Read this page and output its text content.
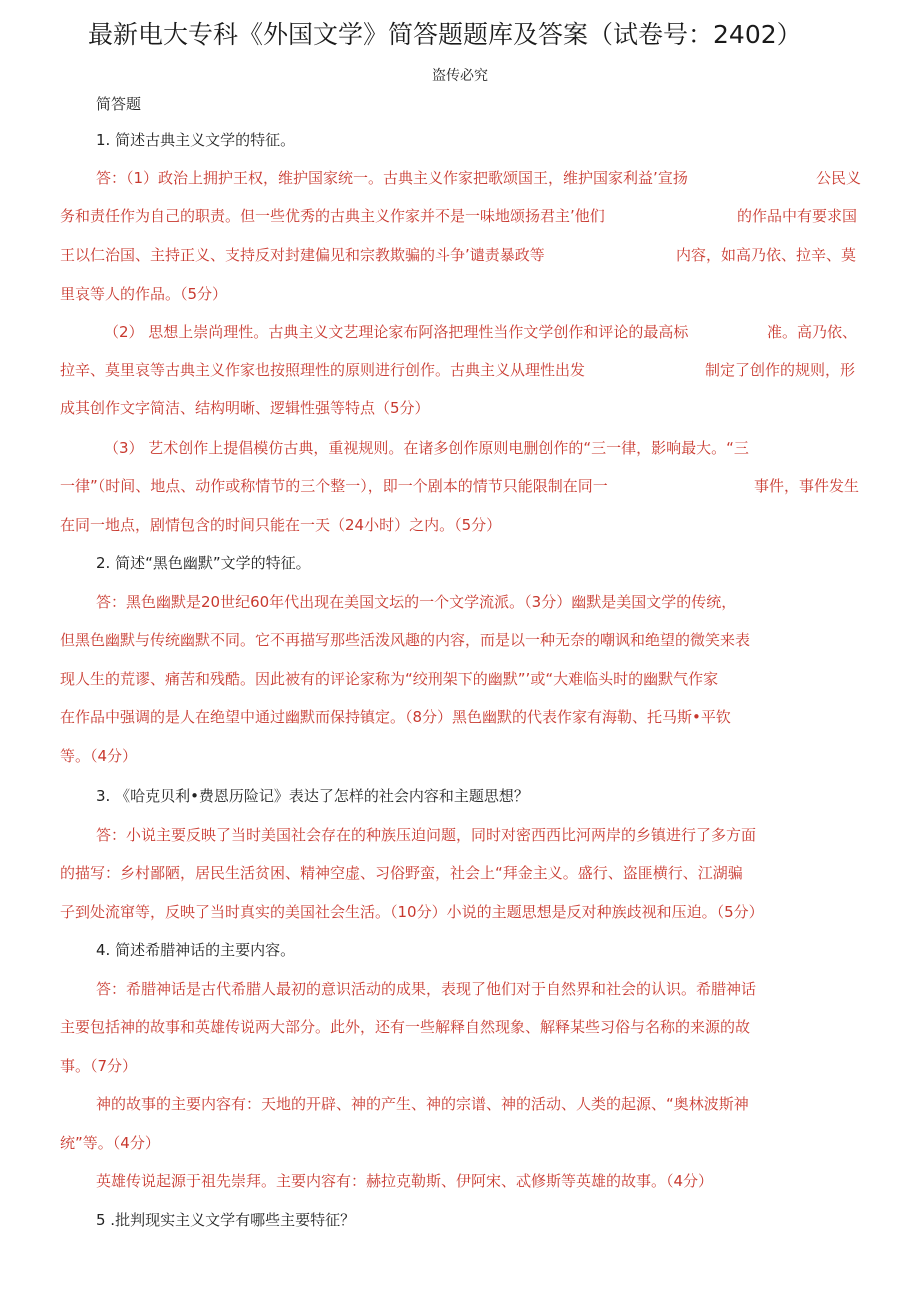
最新电大专科《外国文学》简答题题库及答案（试卷号：2402）
盗传必究
简答题
1. 简述古典主义文学的特征。
答：（1）政治上拥护王权，维护国家统一。古典主义作家把歌颂国王，维护国家利益’宣扬	公民义
务和责任作为自己的职责。但一些优秀的古典主义作家并不是一味地颂扬君主’他们	的作品中有要求国
王以仁治国、主持正义、支持反对封建偏见和宗教欺骗的斗争’谴责暴政等	内容，如高乃依、拉辛、莫
里哀等人的作品。（5分）
（2） 思想上崇尚理性。古典主义文艺理论家布阿洛把理性当作文学创作和评论的最高标	准。高乃依、
拉辛、莫里哀等古典主义作家也按照理性的原则进行创作。古典主义从理性出发	制定了创作的规则，形
成其创作文字简洁、结构明晰、逻辑性强等特点（5分）
（3） 艺术创作上提倡模仿古典，重视规则。在诸多创作原则电删创作的“三一律，影响最大。“三
一律”（时间、地点、动作或称情节的三个整一），即一个剧本的情节只能限制在同一	事件，事件发生
在同一地点，剧情包含的时间只能在一天（24小时）之内。（5分）
2. 简述“黑色幽默”文学的特征。
答：黑色幽默是20世纪60年代出现在美国文坛的一个文学流派。（3分）幽默是美国文学的传统，
但黑色幽默与传统幽默不同。它不再描写那些活泼风趣的内容，而是以一种无奈的嘲讽和绝望的微笑来表
现人生的荒谬、痛苦和残酷。因此被有的评论家称为“绞刑架下的幽默”’或“大难临头时的幽默气作家
在作品中强调的是人在绝望中通过幽默而保持镇定。（8分）黑色幽默的代表作家有海勒、托马斯•平钦
等。（4分）
3. 《哈克贝利•费恩历险记》表达了怎样的社会内容和主题思想？
答：小说主要反映了当时美国社会存在的种族压迫问题，同时对密西西比河两岸的乡镇进行了多方面
的描写：乡村鄙陋，居民生活贫困、精神空虚、习俗野蛮，社会上“拜金主义。盛行、盗匪横行、江湖骗
子到处流窜等，反映了当时真实的美国社会生活。（10分）小说的主题思想是反对种族歧视和压迫。（5分）
4. 简述希腊神话的主要内容。
答：希腊神话是古代希腊人最初的意识活动的成果，表现了他们对于自然界和社会的认识。希腊神话
主要包括神的故事和英雄传说两大部分。此外，还有一些解释自然现象、解释某些习俗与名称的来源的故
事。（7分）
神的故事的主要内容有：天地的开辟、神的产生、神的宗谱、神的活动、人类的起源、“奥林波斯神
统”等。（4分）
英雄传说起源于祖先崇拜。主要内容有：赫拉克勒斯、伊阿宋、忒修斯等英雄的故事。（4分）
5 .批判现实主义文学有哪些主要特征？
